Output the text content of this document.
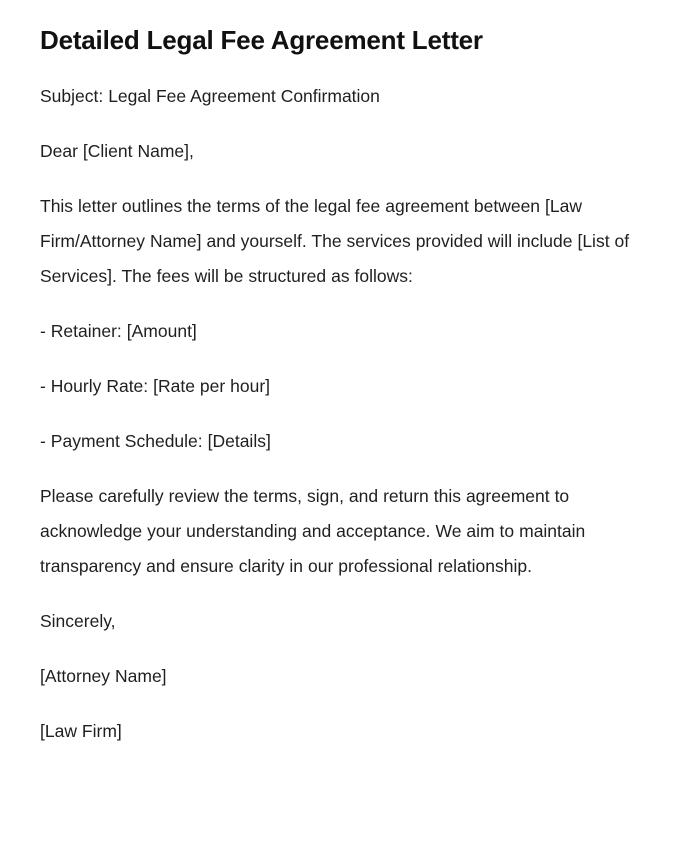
Detailed Legal Fee Agreement Letter

Subject: Legal Fee Agreement Confirmation

Dear [Client Name],

This letter outlines the terms of the legal fee agreement between [Law Firm/Attorney Name] and yourself. The services provided will include [List of Services]. The fees will be structured as follows:

- Retainer: [Amount]

- Hourly Rate: [Rate per hour]

- Payment Schedule: [Details]

Please carefully review the terms, sign, and return this agreement to acknowledge your understanding and acceptance. We aim to maintain transparency and ensure clarity in our professional relationship.

Sincerely,

[Attorney Name]

[Law Firm]
